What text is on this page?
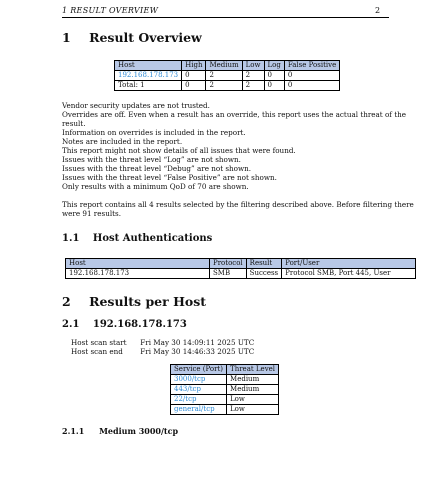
1 RESULT OVERVIEW	2
1 Result Overview
Host	High	Medium	Low	Log	False Positive
192.168.178.173	0	2	2	0	0
Total: 1	0	2	2	0	0
Vendor security updates are not trusted.
Overrides are off. Even when a result has an override, this report uses the actual threat of the
result.
Information on overrides is included in the report.
Notes are included in the report.
This report might not show details of all issues that were found.
Issues with the threat level “Log” are not shown.
Issues with the threat level “Debug” are not shown.
Issues with the threat level “False Positive” are not shown.
Only results with a minimum QoD of 70 are shown.
This report contains all 4 results selected by the filtering described above. Before filtering there
were 91 results.
1.1 Host Authentications
Host	Protocol	Result	Port/User
192.168.178.173	SMB	Success	Protocol SMB, Port 445, User
2 Results per Host
2.1 192.168.178.173
Host scan start Fri May 30 14:09:11 2025 UTC
Host scan end Fri May 30 14:46:33 2025 UTC
Service (Port)	Threat Level
3000/tcp	Medium
443/tcp	Medium
22/tcp	Low
general/tcp	Low
2.1.1 Medium 3000/tcp
